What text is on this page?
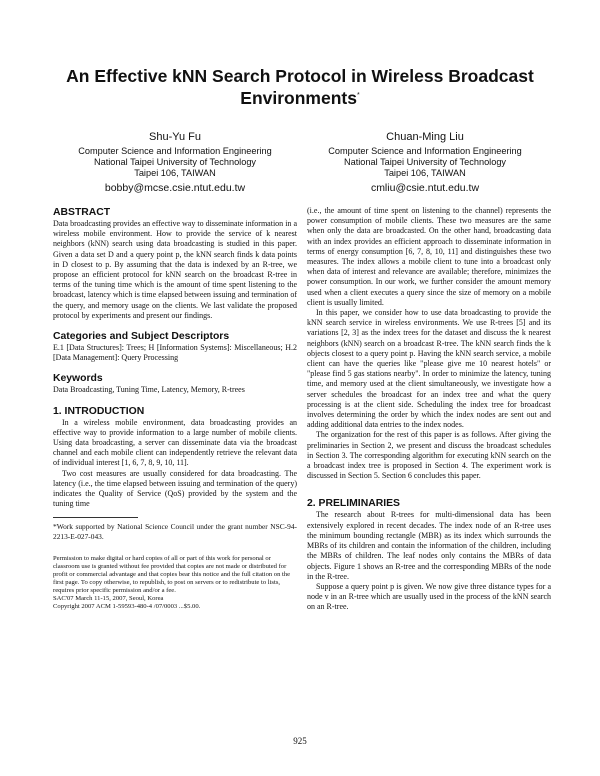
An Effective kNN Search Protocol in Wireless Broadcast Environments*
Shu-Yu Fu
Computer Science and Information Engineering
National Taipei University of Technology
Taipei 106, TAIWAN
bobby@mcse.csie.ntut.edu.tw
Chuan-Ming Liu
Computer Science and Information Engineering
National Taipei University of Technology
Taipei 106, TAIWAN
cmliu@csie.ntut.edu.tw
ABSTRACT

Data broadcasting provides an effective way to disseminate information in a wireless mobile environment. How to provide the service of k nearest neighbors (kNN) search using data broadcasting is studied in this paper. Given a data set D and a query point p, the kNN search finds k data points in D closest to p. By assuming that the data is indexed by an R-tree, we propose an efficient protocol for kNN search on the broadcast R-tree in terms of the tuning time which is the amount of time spent listening to the broadcast, latency which is time elapsed between issuing and termination of the query, and memory usage on the clients. We last validate the proposed protocol by experiments and present our findings.

Categories and Subject Descriptors

E.1 [Data Structures]: Trees; H [Information Systems]: Miscellaneous; H.2 [Data Management]: Query Processing

Keywords

Data Broadcasting, Tuning Time, Latency, Memory, R-trees

1. INTRODUCTION

In a wireless mobile environment, data broadcasting provides an effective way to provide information to a large number of mobile clients. Using data broadcasting, a server can disseminate data via the broadcast channel and each mobile client can independently retrieve the relevant data of individual interest [1, 6, 7, 8, 9, 10, 11].

Two cost measures are usually considered for data broadcasting. The latency (i.e., the time elapsed between issuing and termination of the query) indicates the Quality of Service (QoS) provided by the system and the tuning time

*Work supported by National Science Council under the grant number NSC-94-2213-E-027-043.

Permission to make digital or hard copies of all or part of this work for personal or classroom use is granted without fee provided that copies are not made or distributed for profit or commercial advantage and that copies bear this notice and the full citation on the first page. To copy otherwise, to republish, to post on servers or to redistribute to lists, requires prior specific permission and/or a fee.

SAC'07 March 11-15, 2007, Seoul, Korea

Copyright 2007 ACM 1-59593-480-4 /07/0003 ...$5.00.

(i.e., the amount of time spent on listening to the channel) represents the power consumption of mobile clients. These two measures are the same when only the data are broadcasted. On the other hand, broadcasting data with an index provides an efficient approach to disseminate information in terms of energy consumption [6, 7, 8, 10, 11] and distinguishes these two measures. The index allows a mobile client to tune into a broadcast only when data of interest and relevance are available; therefore, minimizes the power consumption. In our work, we further consider the amount memory used when a client executes a query since the size of memory on a mobile client is usually limited.

In this paper, we consider how to use data broadcasting to provide the kNN search service in wireless environments. We use R-trees [5] and its variations [2, 3] as the index trees for the dataset and discuss the k nearest neighbors (kNN) search on a broadcast R-tree. The kNN search finds the k objects closest to a query point p. Having the kNN search service, a mobile client can have the queries like "please give me 10 nearest hotels" or "please find 5 gas stations nearby". In order to minimize the latency, tuning time, and memory used at the client simultaneously, we investigate how a server schedules the broadcast for an index tree and what the query processing is at the client side. Scheduling the index tree for broadcast involves determining the order by which the index nodes are sent out and adding additional data entries to the index nodes.

The organization for the rest of this paper is as follows. After giving the preliminaries in Section 2, we present and discuss the broadcast schedules in Section 3. The corresponding algorithm for executing kNN search on the a broadcast index tree is proposed in Section 4. The experiment work is discussed in Section 5. Section 6 concludes this paper.

2. PRELIMINARIES

The research about R-trees for multi-dimensional data has been extensively explored in recent decades. The index node of an R-tree uses the minimum bounding rectangle (MBR) as its index which surrounds the MBRs of its children and contain the information of the children, including the MBRs of children. The leaf nodes only contains the MBRs of data objects. Figure 1 shows an R-tree and the corresponding MBRs of the node in the R-tree.

Suppose a query point p is given. We now give three distance types for a node v in an R-tree which are usually used in the process of the kNN search on an R-tree.

925
